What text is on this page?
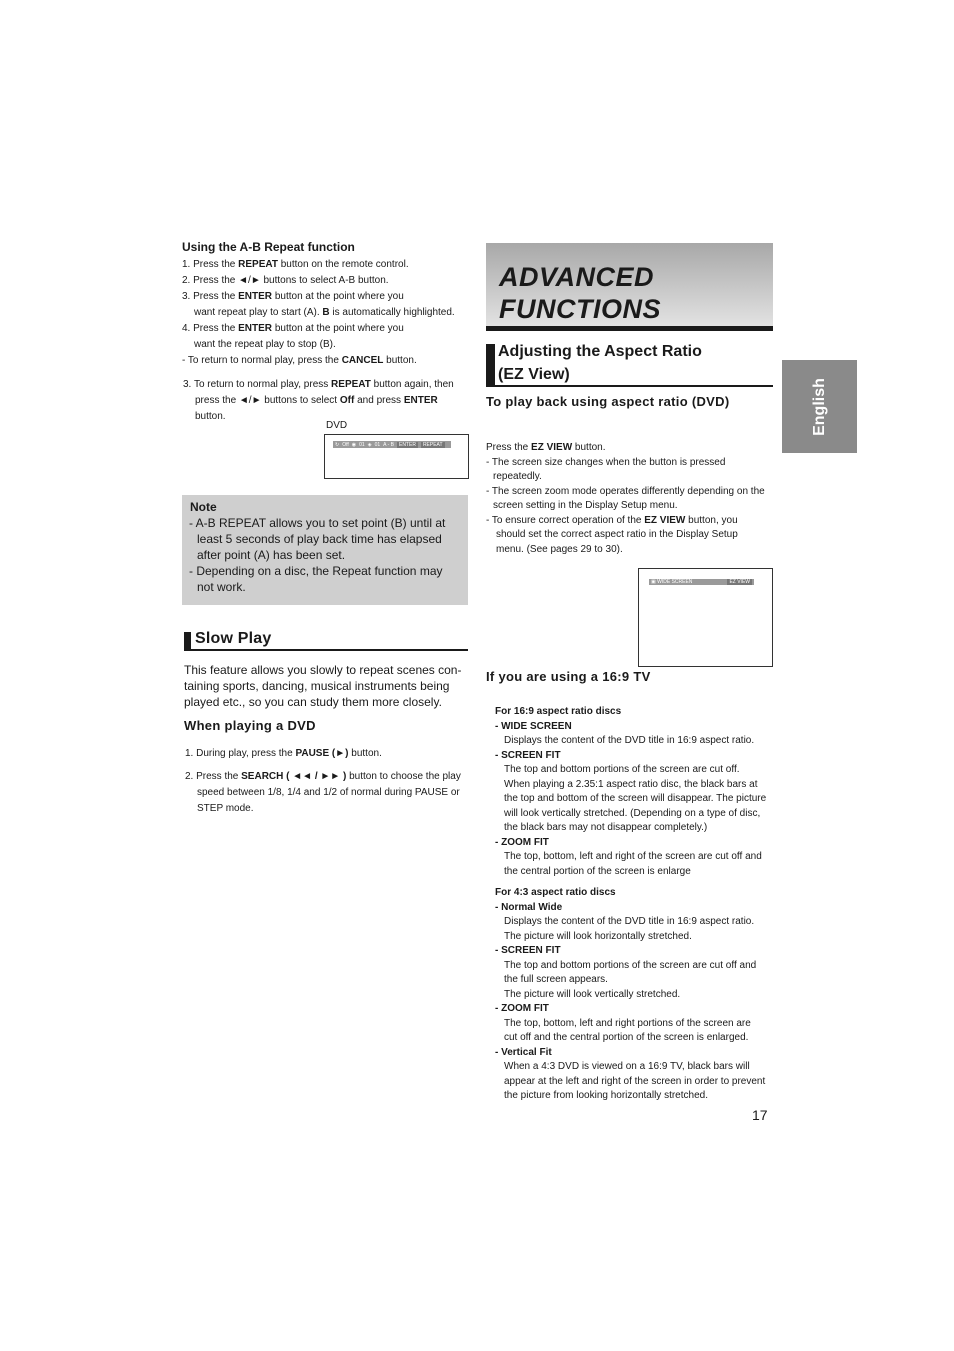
Using the A-B Repeat function
1. Press the REPEAT button on the remote control.
2. Press the ◄/► buttons to select A-B button.
3. Press the ENTER button at the point where you
want repeat play to start (A). B is automatically highlighted.
4. Press the ENTER button at the point where you
want the repeat play to stop (B).
- To return to normal play, press the CANCEL button.
3. To return to normal play, press REPEAT button again, then
press the ◄/► buttons to select Off and press ENTER
button.
DVD
↻ Off ◉ 01 ◈ 01 A - B	ENTER	REPEAT
Note
- A-B REPEAT allows you to set point (B) until at
least 5 seconds of play back time has elapsed
after point (A) has been set.
- Depending on a disc, the Repeat function may
not work.
Slow Play
This feature allows you slowly to repeat scenes con-
taining sports, dancing, musical instruments being
played etc., so you can study them more closely.
When playing a DVD
1. During play, press the PAUSE (►) button.
2. Press the SEARCH ( ◄◄ / ►► ) button to choose the play
speed between 1/8, 1/4 and 1/2 of normal during PAUSE or
STEP mode.
ADVANCED
FUNCTIONS
Adjusting the Aspect Ratio
(EZ View)
To play back using aspect ratio (DVD)
Press the EZ VIEW button.
- The screen size changes when the button is pressed
repeatedly.
- The screen zoom mode operates differently depending on the
screen setting in the Display Setup menu.
- To ensure correct operation of the EZ VIEW button, you
should set the correct aspect ratio in the Display Setup
menu. (See pages 29 to 30).
▣ WIDE SCREEN	EZ VIEW
If you are using a 16:9 TV
For 16:9 aspect ratio discs
- WIDE SCREEN
Displays the content of the DVD title in 16:9 aspect ratio.
- SCREEN FIT
The top and bottom portions of the screen are cut off.
When playing a 2.35:1 aspect ratio disc, the black bars at
the top and bottom of the screen will disappear. The picture
will look vertically stretched. (Depending on a type of disc,
the black bars may not disappear completely.)
- ZOOM FIT
The top, bottom, left and right of the screen are cut off and
the central portion of the screen is enlarge
For 4:3 aspect ratio discs
- Normal Wide
Displays the content of the DVD title in 16:9 aspect ratio.
The picture will look horizontally stretched.
- SCREEN FIT
The top and bottom portions of the screen are cut off and
the full screen appears.
The picture will look vertically stretched.
- ZOOM FIT
The top, bottom, left and right portions of the screen are
cut off and the central portion of the screen is enlarged.
- Vertical Fit
When a 4:3 DVD is viewed on a 16:9 TV, black bars will
appear at the left and right of the screen in order to prevent
the picture from looking horizontally stretched.
17
English
